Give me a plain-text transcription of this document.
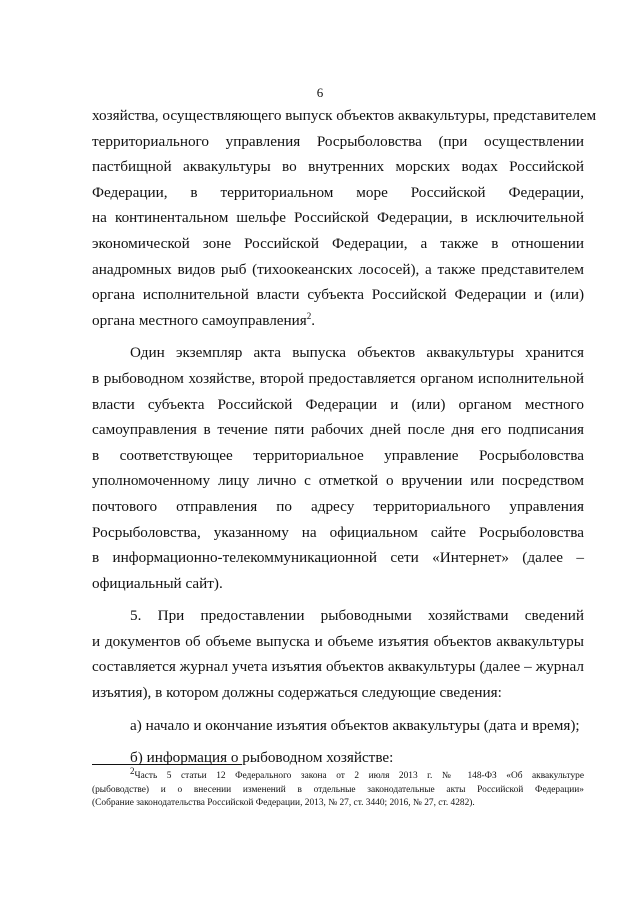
6
хозяйства, осуществляющего выпуск объектов аквакультуры, представителем
территориального управления Росрыболовства (при осуществлении
пастбищной аквакультуры во внутренних морских водах Российской
Федерации, в территориальном море Российской Федерации,
на континентальном шельфе Российской Федерации, в исключительной
экономической зоне Российской Федерации, а также в отношении
анадромных видов рыб (тихоокеанских лососей), а также представителем
органа исполнительной власти субъекта Российской Федерации и (или)
органа местного самоуправления$^2$.
Один экземпляр акта выпуска объектов аквакультуры хранится
в рыбоводном хозяйстве, второй предоставляется органом исполнительной
власти субъекта Российской Федерации и (или) органом местного
самоуправления в течение пяти рабочих дней после дня его подписания
в соответствующее территориальное управление Росрыболовства
уполномоченному лицу лично с отметкой о вручении или посредством
почтового отправления по адресу территориального управления
Росрыболовства, указанному на официальном сайте Росрыболовства
в информационно-телекоммуникационной сети «Интернет» (далее –
официальный сайт).
5. При предоставлении рыбоводными хозяйствами сведений
и документов об объеме выпуска и объеме изъятия объектов аквакультуры
составляется журнал учета изъятия объектов аквакультуры (далее – журнал
изъятия), в котором должны содержаться следующие сведения:
а) начало и окончание изъятия объектов аквакультуры (дата и время);
б) информация о рыбоводном хозяйстве:
$^2$Часть 5 статьи 12 Федерального закона от 2 июля 2013 г. № 148-ФЗ «Об аквакультуре
(рыбоводстве) и о внесении изменений в отдельные законодательные акты Российской Федерации»
(Собрание законодательства Российской Федерации, 2013, № 27, ст. 3440; 2016, № 27, ст. 4282).
